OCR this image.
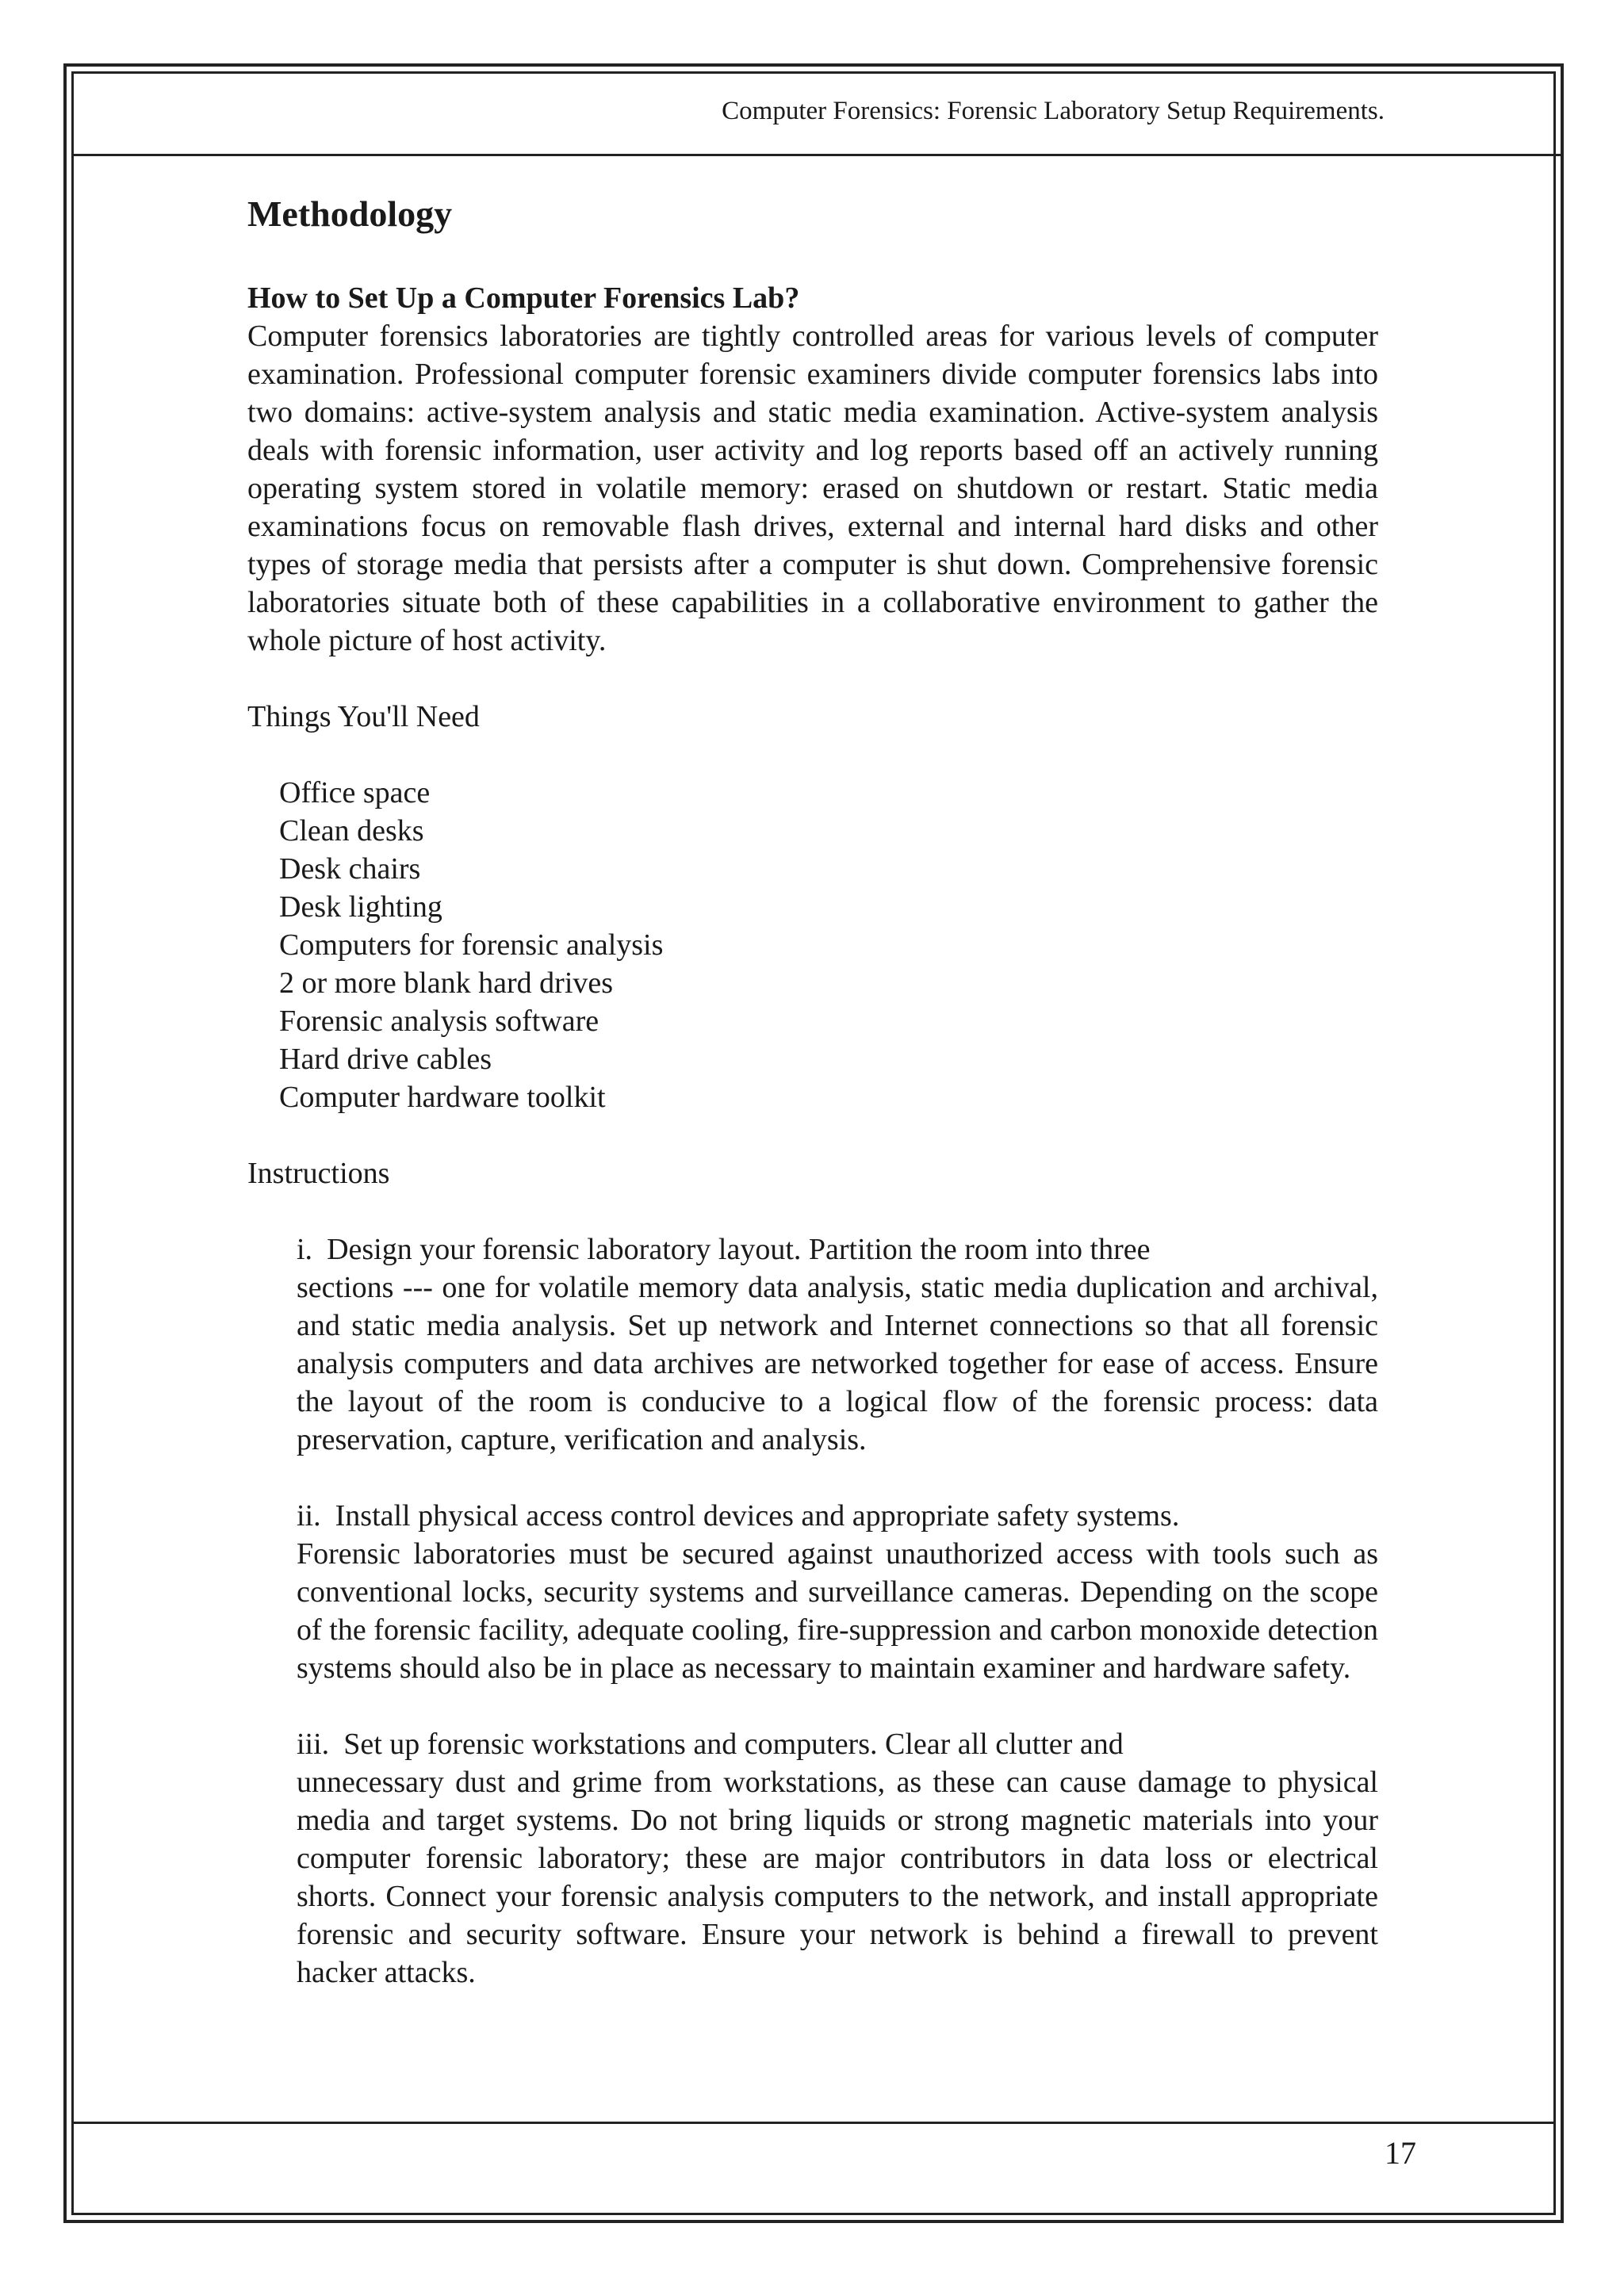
Computer Forensics: Forensic Laboratory Setup Requirements.
Methodology
How to Set Up a Computer Forensics Lab?

Computer forensics laboratories are tightly controlled areas for various levels of computer examination. Professional computer forensic examiners divide computer forensics labs into two domains: active-system analysis and static media examination. Active-system analysis deals with forensic information, user activity and log reports based off an actively running operating system stored in volatile memory: erased on shutdown or restart. Static media examinations focus on removable flash drives, external and internal hard disks and other types of storage media that persists after a computer is shut down. Comprehensive forensic laboratories situate both of these capabilities in a collaborative environment to gather the whole picture of host activity.

Things You'll Need

Office space
Clean desks
Desk chairs
Desk lighting
Computers for forensic analysis
2 or more blank hard drives
Forensic analysis software
Hard drive cables
Computer hardware toolkit

Instructions

i. Design your forensic laboratory layout. Partition the room into three
sections --- one for volatile memory data analysis, static media duplication and archival, and static media analysis. Set up network and Internet connections so that all forensic analysis computers and data archives are networked together for ease of access. Ensure the layout of the room is conducive to a logical flow of the forensic process: data preservation, capture, verification and analysis.
ii. Install physical access control devices and appropriate safety systems.
Forensic laboratories must be secured against unauthorized access with tools such as conventional locks, security systems and surveillance cameras. Depending on the scope of the forensic facility, adequate cooling, fire-suppression and carbon monoxide detection systems should also be in place as necessary to maintain examiner and hardware safety.
iii. Set up forensic workstations and computers. Clear all clutter and
unnecessary dust and grime from workstations, as these can cause damage to physical media and target systems. Do not bring liquids or strong magnetic materials into your computer forensic laboratory; these are major contributors in data loss or electrical shorts. Connect your forensic analysis computers to the network, and install appropriate forensic and security software. Ensure your network is behind a firewall to prevent hacker attacks.
17
